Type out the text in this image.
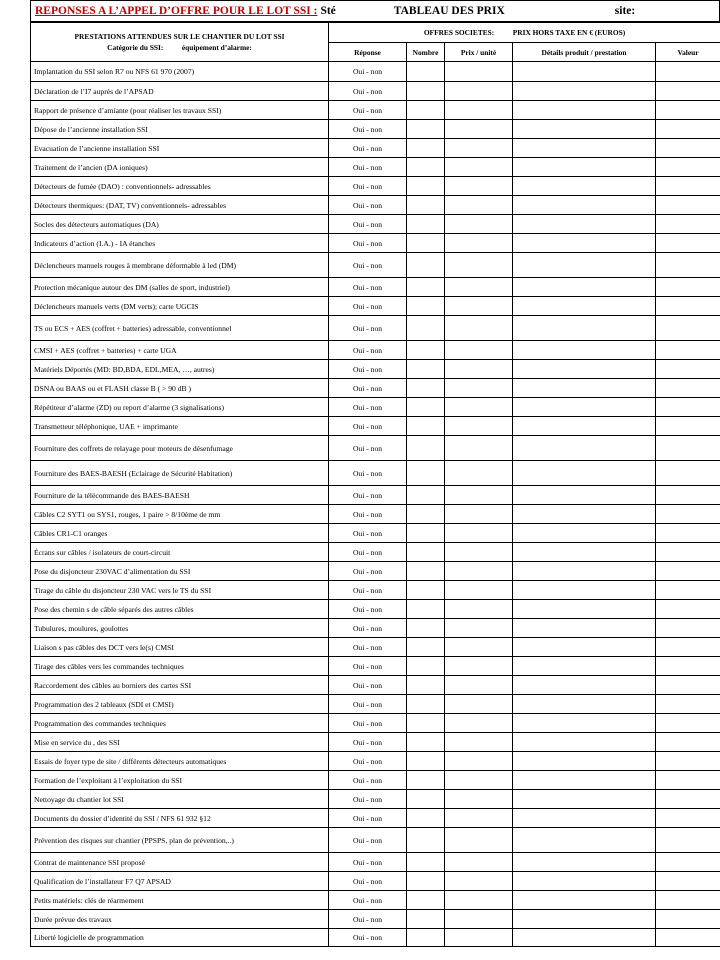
REPONSES A L’APPEL D’OFFRE POUR LE LOT SSI : Sté	TABLEAU DES PRIX	site:
PRESTATIONS ATTENDUES SUR LE CHANTIER DU LOT SSI
Catégorie du SSI:          équipement d’alarme:	OFFRES SOCIETES:          PRIX HORS TAXE EN € (EUROS)				
	Réponse	Nombre	Prix / unité	Détails produit / prestation	Valeur
Implantation du SSI selon R7 ou NFS 61 970 (2007)	Oui - non				
Déclaration de l’I7 auprès de l’APSAD	Oui - non				
Rapport de présence d’amiante (pour réaliser les travaux SSI)	Oui - non				
Dépose de l’ancienne installation SSI	Oui - non				
Evacuation de l’ancienne installation SSI	Oui - non				
Traitement de l’ancien (DA ioniques)	Oui - non				
Détecteurs de fumée (DAO) : conventionnels- adressables	Oui - non				
Détecteurs thermiques: (DAT, TV) conventionnels- adressables	Oui - non				
Socles des détecteurs automatiques (DA)	Oui - non				
Indicateurs d’action (I.A.) - IA étanches	Oui - non				
Déclencheurs manuels rouges à membrane déformable à led (DM)	Oui - non				
Protection mécanique autour des DM (salles de sport, industriel)	Oui - non				
Déclencheurs manuels verts (DM verts); carte UGCIS	Oui - non				
TS ou ECS + AES (coffret + batteries) adressable, conventionnel	Oui - non				
CMSI + AES (coffret + batteries) + carte UGA	Oui - non				
Matériels Déportés (MD: BD,BDA, EDL,MEA, …, autres)	Oui - non				
DSNA ou BAAS ou et FLASH classe B ( > 90 dB )	Oui - non				
Répétiteur d’alarme (ZD) ou report d’alarme (3 signalisations)	Oui - non				
Transmetteur téléphonique, UAE + imprimante	Oui - non				
Fourniture des coffrets de relayage pour moteurs de désenfumage	Oui - non				
Fourniture des BAES-BAESH (Eclairage de Sécurité Habitation)	Oui - non				
Fourniture de la télécommande des BAES-BAESH	Oui - non				
Câbles C2 SYT1 ou SYS1, rouges, 1 paire > 8/10ème de mm	Oui - non				
Câbles CR1-C1 oranges	Oui - non				
Écrans sur câbles / isolateurs de court-circuit	Oui - non				
Pose du disjoncteur 230VAC d’alimentation du SSI	Oui - non				
Tirage du câble du disjoncteur 230 VAC vers le TS du SSI	Oui - non				
Pose des chemin s de câble séparés des autres câbles	Oui - non				
Tubulures, moulures, goulottes	Oui - non				
Liaison s pas câbles des DCT vers le(s) CMSI	Oui - non				
Tirage des câbles vers les commandes techniques	Oui - non				
Raccordement des câbles au borniers des cartes SSI	Oui - non				
Programmation des 2 tableaux (SDI et CMSI)	Oui - non				
Programmation des commandes techniques	Oui - non				
Mise en service du , des SSI	Oui - non				
Essais de foyer type de site / différents détecteurs automatiques	Oui - non				
Formation de l’exploitant à l’exploitation du SSI	Oui - non				
Nettoyage du chantier lot SSI	Oui - non				
Documents du dossier d’identité du SSI / NFS 61 932 §12	Oui - non				
Prévention des risques sur chantier (PPSPS, plan de prévention,..)	Oui - non				
Contrat de maintenance SSI proposé	Oui - non				
Qualification de l’installateur F7 Q7 APSAD	Oui - non				
Petits matériels: clés de réarmement	Oui - non				
Durée prévue des travaux	Oui - non				
Liberté logicielle de programmation	Oui - non				
